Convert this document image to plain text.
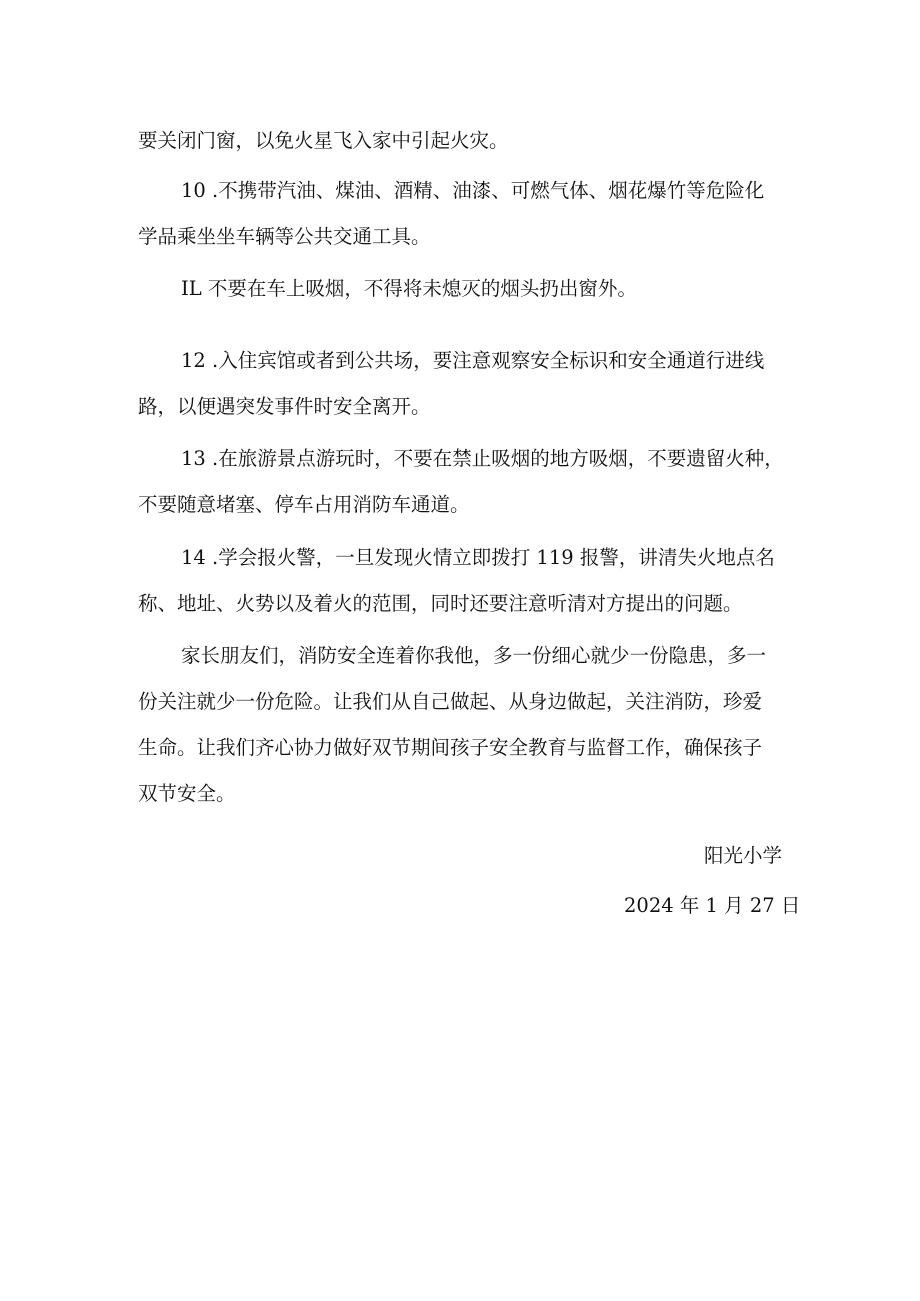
要关闭门窗，以免火星飞入家中引起火灾。

10 .不携带汽油、煤油、酒精、油漆、可燃气体、烟花爆竹等危险化
学品乘坐坐车辆等公共交通工具。

IL 不要在车上吸烟，不得将未熄灭的烟头扔出窗外。

12 .入住宾馆或者到公共场，要注意观察安全标识和安全通道行进线
路，以便遇突发事件时安全离开。

13 .在旅游景点游玩时，不要在禁止吸烟的地方吸烟，不要遗留火种，
不要随意堵塞、停车占用消防车通道。

14 .学会报火警，一旦发现火情立即拨打 119 报警，讲清失火地点名
称、地址、火势以及着火的范围，同时还要注意听清对方提出的问题。

家长朋友们，消防安全连着你我他，多一份细心就少一份隐患，多一
份关注就少一份危险。让我们从自己做起、从身边做起，关注消防，珍爱
生命。让我们齐心协力做好双节期间孩子安全教育与监督工作，确保孩子
双节安全。

阳光小学

2024 年 1 月 27 日
